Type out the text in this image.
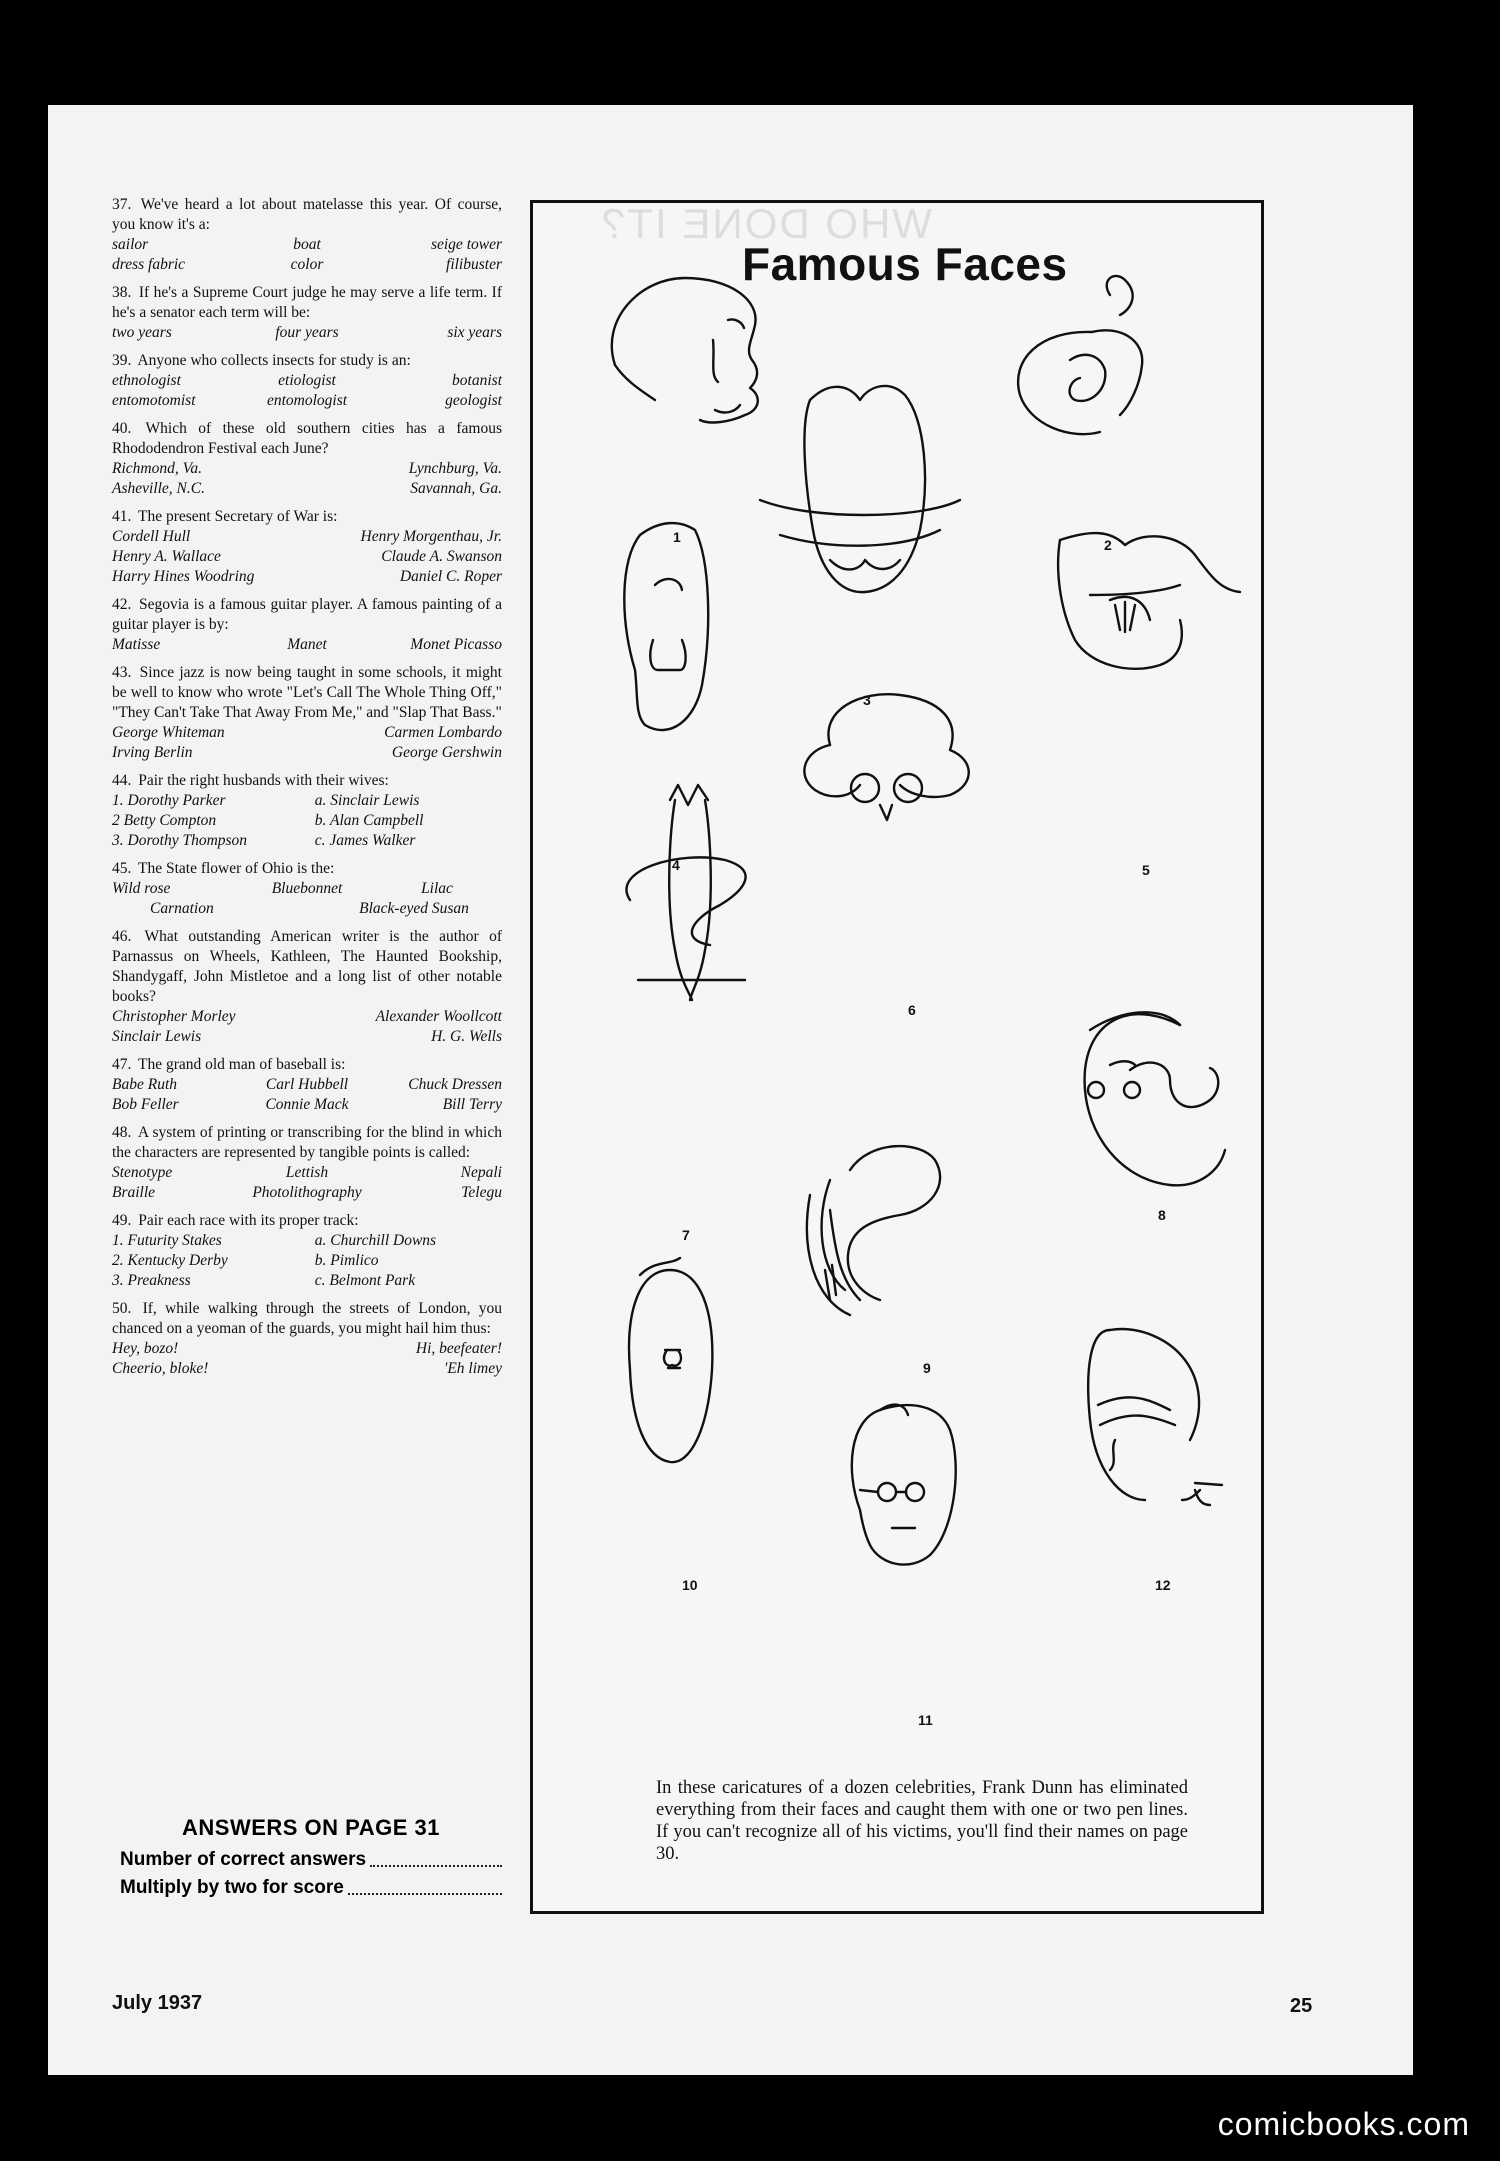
37. We've heard a lot about matelasse this year. Of course, you know it's a:
sailor	boat	seige tower
dress fabric	color	filibuster
38. If he's a Supreme Court judge he may serve a life term. If he's a senator each term will be:
two years	four years	six years
39. Anyone who collects insects for study is an:
ethnologist	etiologist	botanist
entomotomist	entomologist	geologist
40. Which of these old southern cities has a famous Rhododendron Festival each June?
Richmond, Va.	Lynchburg, Va.
Asheville, N.C.	Savannah, Ga.
41. The present Secretary of War is:
Cordell Hull	Henry Morgenthau, Jr.
Henry A. Wallace	Claude A. Swanson
Harry Hines Woodring	Daniel C. Roper
42. Segovia is a famous guitar player. A famous painting of a guitar player is by:
Matisse	Manet	Monet Picasso
43. Since jazz is now being taught in some schools, it might be well to know who wrote "Let's Call The Whole Thing Off," "They Can't Take That Away From Me," and "Slap That Bass."
George Whiteman	Carmen Lombardo
Irving Berlin	George Gershwin
44. Pair the right husbands with their wives:
1. Dorothy Parker	a. Sinclair Lewis
2 Betty Compton	b. Alan Campbell
3. Dorothy Thompson	c. James Walker
45. The State flower of Ohio is the:
Wild rose	Bluebonnet	Lilac
Carnation	Black-eyed Susan
46. What outstanding American writer is the author of Parnassus on Wheels, Kathleen, The Haunted Bookship, Shandygaff, John Mistletoe and a long list of other notable books?
Christopher Morley	Alexander Woollcott
Sinclair Lewis	H. G. Wells
47. The grand old man of baseball is:
Babe Ruth	Carl Hubbell	Chuck Dressen
Bob Feller	Connie Mack	Bill Terry
48. A system of printing or transcribing for the blind in which the characters are represented by tangible points is called:
Stenotype	Lettish	Nepali
Braille	Photolithography	Telegu
49. Pair each race with its proper track:
1. Futurity Stakes	a. Churchill Downs
2. Kentucky Derby	b. Pimlico
3. Preakness	c. Belmont Park
50. If, while walking through the streets of London, you chanced on a yeoman of the guards, you might hail him thus:
Hey, bozo!	Hi, beefeater!
Cheerio, bloke!	'Eh limey
ANSWERS ON PAGE 31
Number of correct answers
Multiply by two for score
WHO DONE IT?
Famous Faces
1	2
3
4	5
6
7
8
9
10
11
12
In these caricatures of a dozen celebrities, Frank Dunn has eliminated everything from their faces and caught them with one or two pen lines. If you can't recognize all of his victims, you'll find their names on page 30.
July 1937	25
comicbooks.com
